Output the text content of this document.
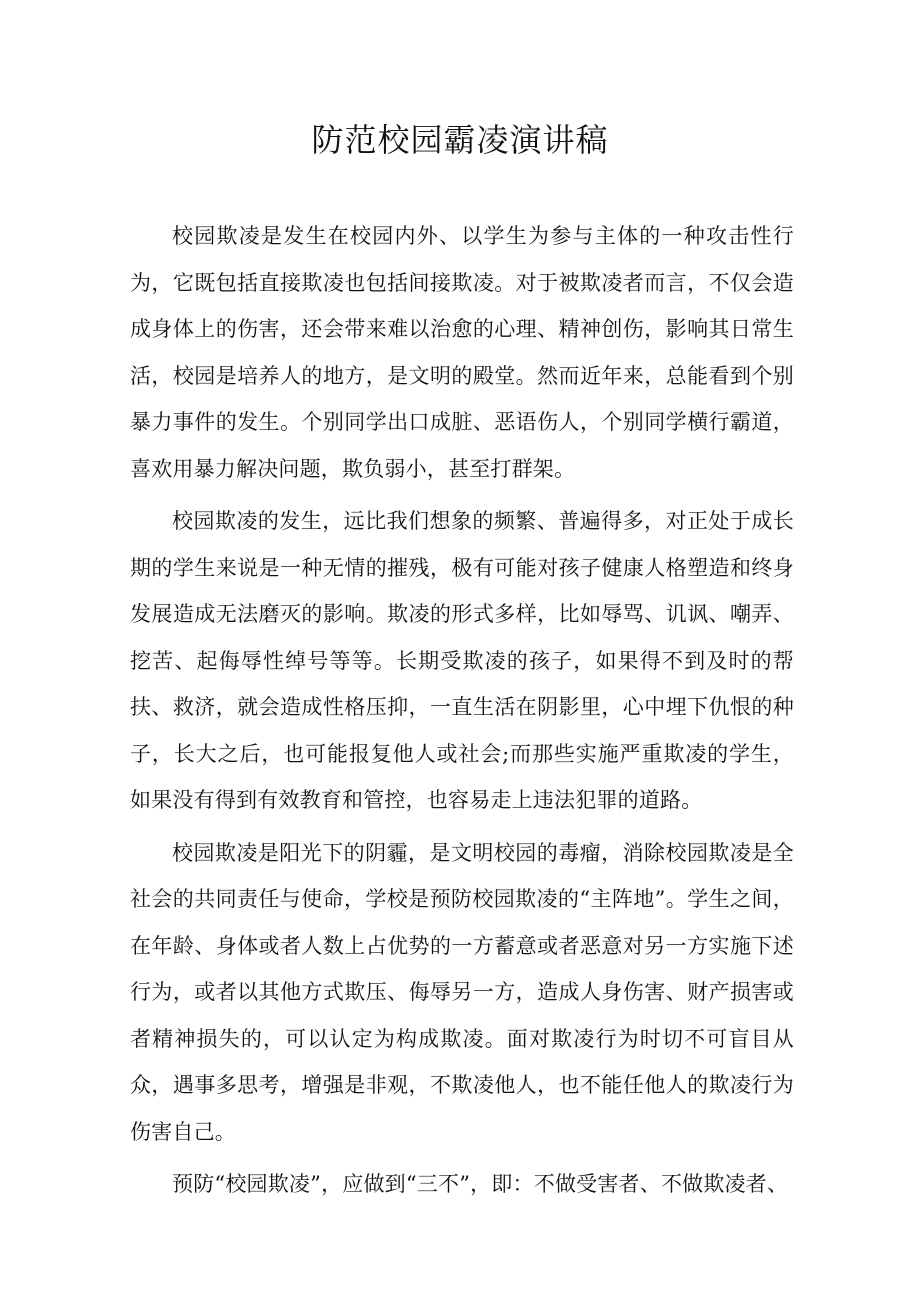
防范校园霸凌演讲稿

校园欺凌是发生在校园内外、以学生为参与主体的一种攻击性行为，它既包括直接欺凌也包括间接欺凌。对于被欺凌者而言，不仅会造成身体上的伤害，还会带来难以治愈的心理、精神创伤，影响其日常生活，校园是培养人的地方，是文明的殿堂。然而近年来，总能看到个别暴力事件的发生。个别同学出口成脏、恶语伤人，个别同学横行霸道，喜欢用暴力解决问题，欺负弱小，甚至打群架。

校园欺凌的发生，远比我们想象的频繁、普遍得多，对正处于成长期的学生来说是一种无情的摧残，极有可能对孩子健康人格塑造和终身发展造成无法磨灭的影响。欺凌的形式多样，比如辱骂、讥讽、嘲弄、挖苦、起侮辱性绰号等等。长期受欺凌的孩子，如果得不到及时的帮扶、救济，就会造成性格压抑，一直生活在阴影里，心中埋下仇恨的种子，长大之后，也可能报复他人或社会;而那些实施严重欺凌的学生，如果没有得到有效教育和管控，也容易走上违法犯罪的道路。

校园欺凌是阳光下的阴霾，是文明校园的毒瘤，消除校园欺凌是全社会的共同责任与使命，学校是预防校园欺凌的“主阵地”。学生之间，在年龄、身体或者人数上占优势的一方蓄意或者恶意对另一方实施下述行为，或者以其他方式欺压、侮辱另一方，造成人身伤害、财产损害或者精神损失的，可以认定为构成欺凌。面对欺凌行为时切不可盲目从众，遇事多思考，增强是非观，不欺凌他人，也不能任他人的欺凌行为伤害自己。

预防“校园欺凌”，应做到“三不”，即：不做受害者、不做欺凌者、
